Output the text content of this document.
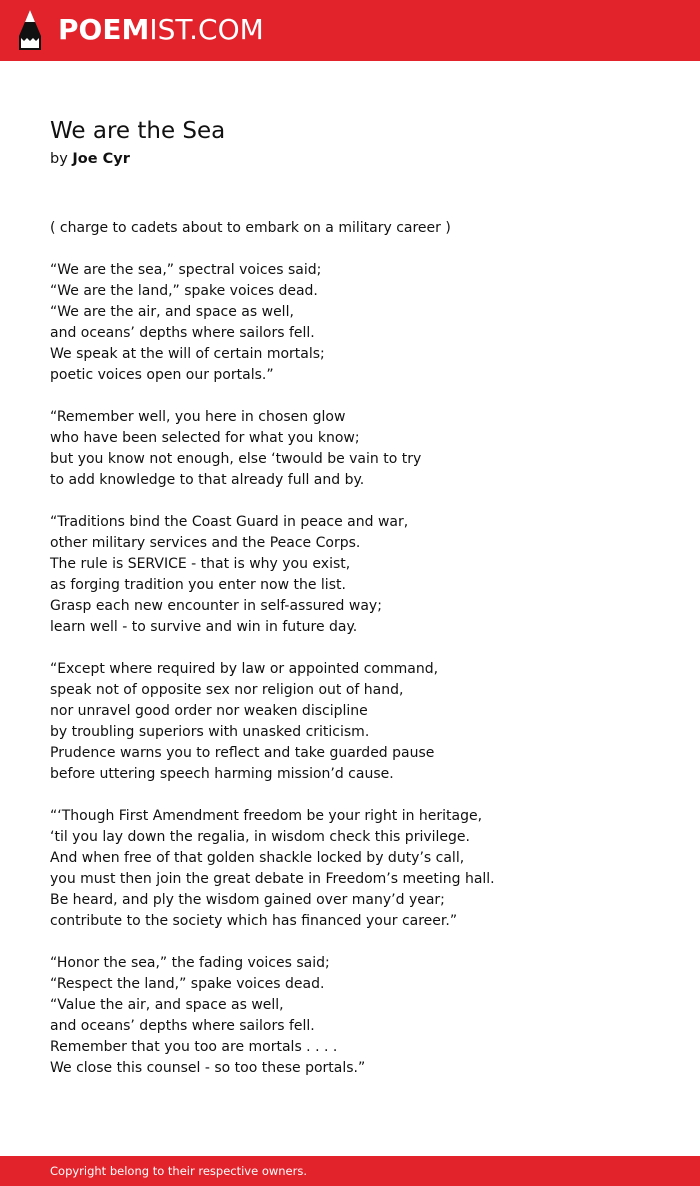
POEMIST.COM
We are the Sea
by Joe Cyr
( charge to cadets about to embark on a military career )
“We are the sea,” spectral voices said;
“We are the land,” spake voices dead.
“We are the air, and space as well,
and oceans’ depths where sailors fell.
We speak at the will of certain mortals;
poetic voices open our portals.”
“Remember well, you here in chosen glow
who have been selected for what you know;
but you know not enough, else ‘twould be vain to try
to add knowledge to that already full and by.
“Traditions bind the Coast Guard in peace and war,
other military services and the Peace Corps.
The rule is SERVICE - that is why you exist,
as forging tradition you enter now the list.
Grasp each new encounter in self-assured way;
learn well - to survive and win in future day.
“Except where required by law or appointed command,
speak not of opposite sex nor religion out of hand,
nor unravel good order nor weaken discipline
by troubling superiors with unasked criticism.
Prudence warns you to reflect and take guarded pause
before uttering speech harming mission’d cause.
“‘Though First Amendment freedom be your right in heritage,
‘til you lay down the regalia, in wisdom check this privilege.
And when free of that golden shackle locked by duty’s call,
you must then join the great debate in Freedom’s meeting hall.
Be heard, and ply the wisdom gained over many’d year;
contribute to the society which has financed your career.”
“Honor the sea,” the fading voices said;
“Respect the land,” spake voices dead.
“Value the air, and space as well,
and oceans’ depths where sailors fell.
Remember that you too are mortals . . . .
We close this counsel - so too these portals.”
Copyright belong to their respective owners.
